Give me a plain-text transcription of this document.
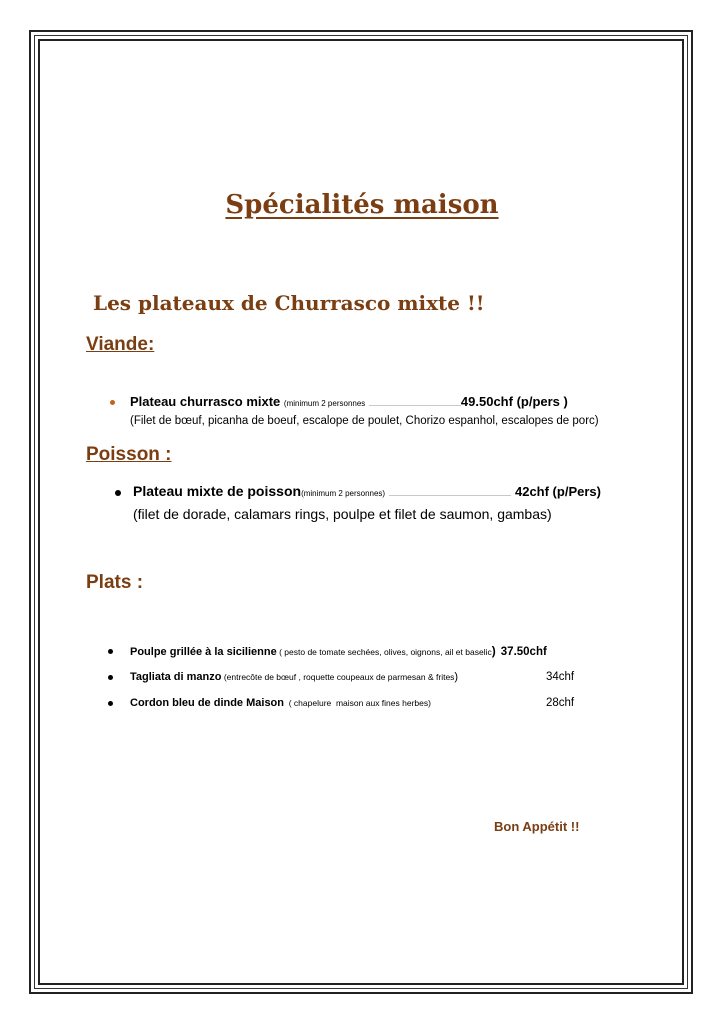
Spécialités maison
Les plateaux de Churrasco mixte !!
Viande:
Plateau churrasco mixte (minimum 2 personnes	49.50chf (p/pers )
(Filet de bœuf, picanha de boeuf, escalope de poulet, Chorizo espanhol, escalopes de porc)
Poisson :
Plateau mixte de poisson(minimum 2 personnes)	42chf (p/Pers)
(filet de dorade, calamars rings, poulpe et filet de saumon, gambas)
Plats :
Poulpe grillée à la sicilienne ( pesto de tomate sechées, olives, oignons, ail et baselic) 37.50chf
Tagliata di manzo (entrecôte de bœuf , roquette coupeaux de parmesan & frites)	34chf
Cordon bleu de dinde Maison  ( chapelure  maison aux fines herbes)	28chf
Bon Appétit !!
